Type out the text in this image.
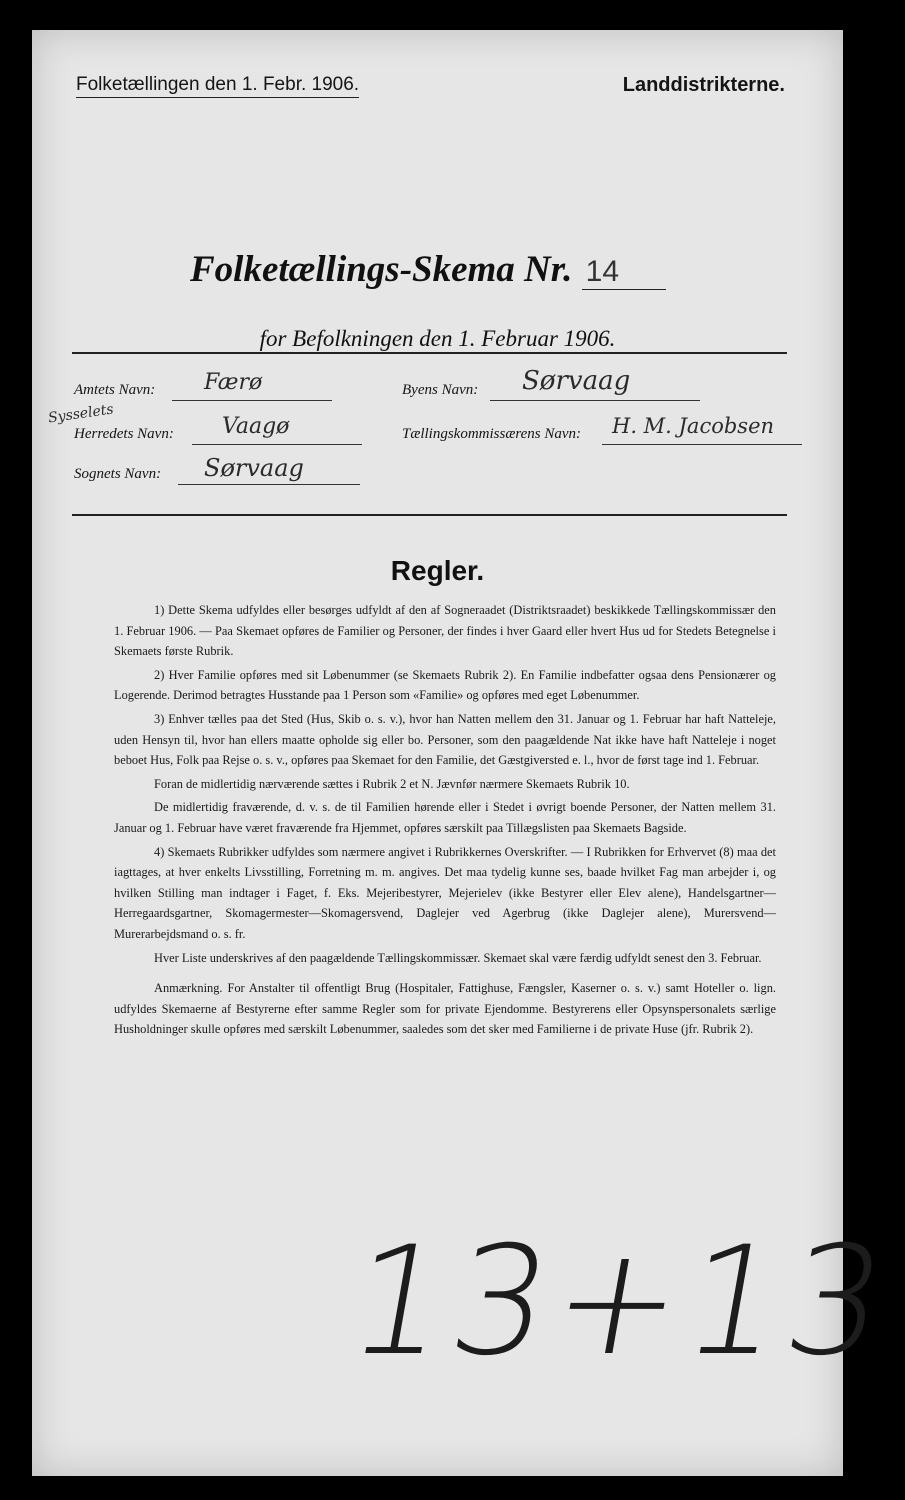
Folketællingen den 1. Febr. 1906.	Landdistrikterne.
Folketællings-Skema Nr. 14
for Befolkningen den 1. Februar 1906.
Amtets Navn: Færø
Sysselets
Herredets Navn: Vaagø
Sognets Navn: Sørvaag
Byens Navn: Sørvaag
Tællingskommissærens Navn: H. M. Jacobsen
Regler.

1) Dette Skema udfyldes eller besørges udfyldt af den af Sogneraadet (Distriktsraadet) beskikkede Tællingskommissær den 1. Februar 1906. — Paa Skemaet opføres de Familier og Personer, der findes i hver Gaard eller hvert Hus ud for Stedets Betegnelse i Skemaets første Rubrik.

2) Hver Familie opføres med sit Løbenummer (se Skemaets Rubrik 2). En Familie indbefatter ogsaa dens Pensionærer og Logerende. Derimod betragtes Husstande paa 1 Person som «Familie» og opføres med eget Løbenummer.

3) Enhver tælles paa det Sted (Hus, Skib o. s. v.), hvor han Natten mellem den 31. Januar og 1. Februar har haft Natteleje, uden Hensyn til, hvor han ellers maatte opholde sig eller bo. Personer, som den paagældende Nat ikke have haft Natteleje i noget beboet Hus, Folk paa Rejse o. s. v., opføres paa Skemaet for den Familie, det Gæstgiversted e. l., hvor de først tage ind 1. Februar.

Foran de midlertidig nærværende sættes i Rubrik 2 et N. Jævnfør nærmere Skemaets Rubrik 10.

De midlertidig fraværende, d. v. s. de til Familien hørende eller i Stedet i øvrigt boende Personer, der Natten mellem 31. Januar og 1. Februar have været fraværende fra Hjemmet, opføres særskilt paa Tillægslisten paa Skemaets Bagside.

4) Skemaets Rubrikker udfyldes som nærmere angivet i Rubrikkernes Overskrifter. — I Rubrikken for Erhvervet (8) maa det iagttages, at hver enkelts Livsstilling, Forretning m. m. angives. Det maa tydelig kunne ses, baade hvilket Fag man arbejder i, og hvilken Stilling man indtager i Faget, f. Eks. Mejeribestyrer, Mejerielev (ikke Bestyrer eller Elev alene), Handelsgartner—Herregaardsgartner, Skomagermester—Skomagersvend, Daglejer ved Agerbrug (ikke Daglejer alene), Murersvend—Murerarbejdsmand o. s. fr.

Hver Liste underskrives af den paagældende Tællingskommissær. Skemaet skal være færdig udfyldt senest den 3. Februar.

Anmærkning. For Anstalter til offentligt Brug (Hospitaler, Fattighuse, Fængsler, Kaserner o. s. v.) samt Hoteller o. lign. udfyldes Skemaerne af Bestyrerne efter samme Regler som for private Ejendomme. Bestyrerens eller Opsynspersonalets særlige Husholdninger skulle opføres med særskilt Løbenummer, saaledes som det sker med Familierne i de private Huse (jfr. Rubrik 2).

13+13
